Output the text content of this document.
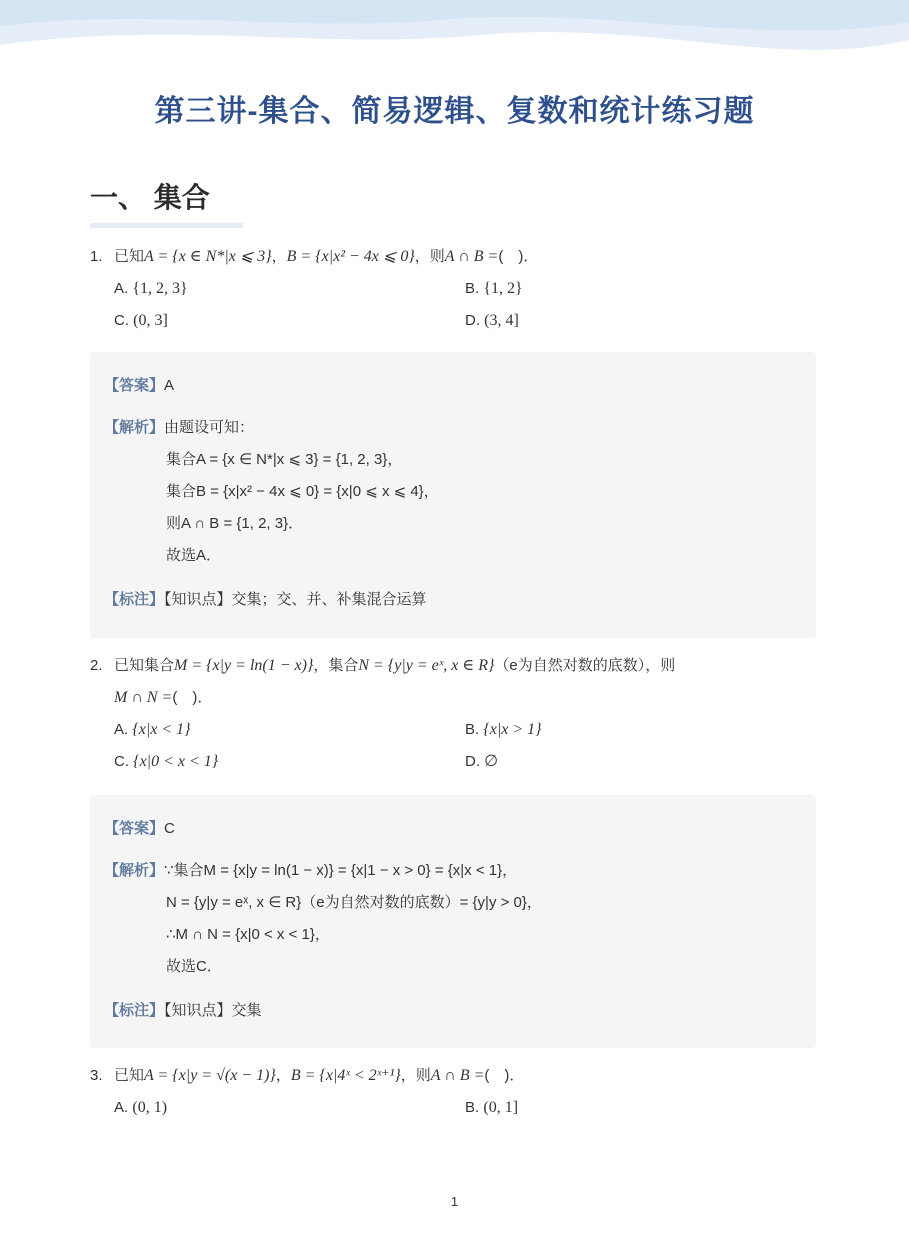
第三讲-集合、简易逻辑、复数和统计练习题
一、 集合
1. 已知A = {x ∈ N*|x ⩽ 3}，B = {x|x² − 4x ⩽ 0}，则A ∩ B =(　)．
A. {1, 2, 3}	B. {1, 2}
C. (0, 3]	D. (3, 4]
【答案】A
【解析】由题设可知：
集合A = {x ∈ N*|x ⩽ 3} = {1, 2, 3}，
集合B = {x|x² − 4x ⩽ 0} = {x|0 ⩽ x ⩽ 4}，
则A ∩ B = {1, 2, 3}．
故选A．
【标注】【知识点】交集；交、并、补集混合运算
2. 已知集合M = {x|y = ln(1 − x)}，集合N = {y|y = eˣ, x ∈ R}（e为自然对数的底数），则
M ∩ N =(　)．
A. {x|x < 1}	B. {x|x > 1}
C. {x|0 < x < 1}	D. ∅
【答案】C
【解析】∵集合M = {x|y = ln(1 − x)} = {x|1 − x > 0} = {x|x < 1}，
N = {y|y = eˣ, x ∈ R}（e为自然对数的底数）= {y|y > 0}，
∴M ∩ N = {x|0 < x < 1}，
故选C．
【标注】【知识点】交集
3. 已知A = {x|y = √(x − 1)}，B = {x|4ˣ < 2ˣ⁺¹}，则A ∩ B =(　)．
A. (0, 1)	B. (0, 1]
1
